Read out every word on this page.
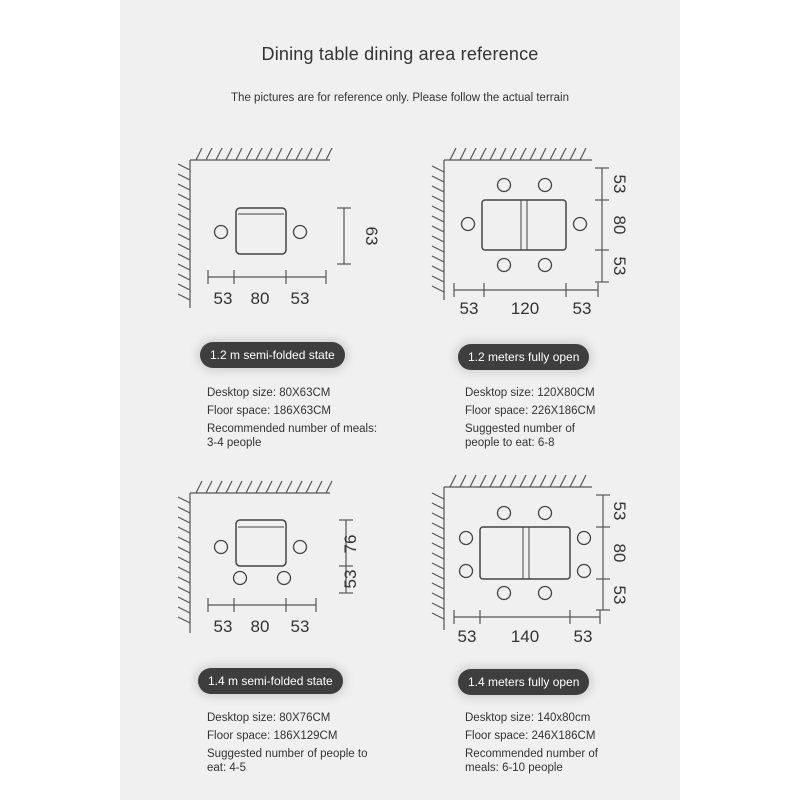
Dining table dining area reference
The pictures are for reference only. Please follow the actual terrain
53 80 53
63
1.2 m semi-folded state
Desktop size: 80X63CM
Floor space: 186X63CM
Recommended number of meals: 3-4 people
53 120 53
53
80
53
1.2 meters fully open
Desktop size: 120X80CM
Floor space: 226X186CM
Suggested number of people to eat: 6-8
53 80 53
76
53
1.4 m semi-folded state
Desktop size: 80X76CM
Floor space: 186X129CM
Suggested number of people to eat: 4-5
53 140 53
53
80
53
1.4 meters fully open
Desktop size: 140x80cm
Floor space: 246X186CM
Recommended number of meals: 6-10 people
